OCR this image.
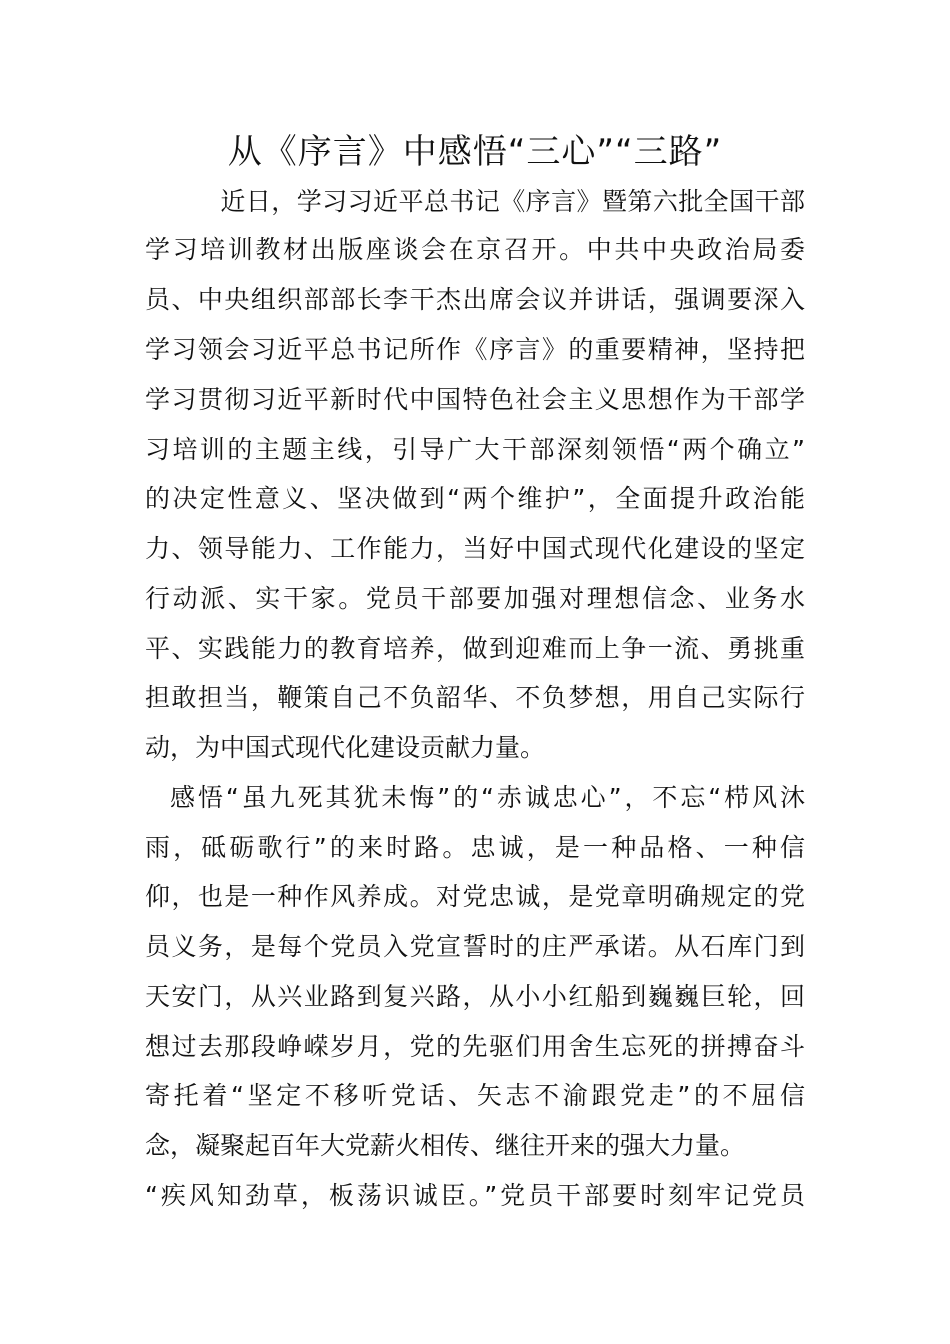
从《序言》中感悟“三心”“三路”
　近日，学习习近平总书记《序言》暨第六批全国干部
学习培训教材出版座谈会在京召开。中共中央政治局委
员、中央组织部部长李干杰出席会议并讲话，强调要深入
学习领会习近平总书记所作《序言》的重要精神，坚持把
学习贯彻习近平新时代中国特色社会主义思想作为干部学
习培训的主题主线，引导广大干部深刻领悟“两个确立”
的决定性意义、坚决做到“两个维护”，全面提升政治能
力、领导能力、工作能力，当好中国式现代化建设的坚定
行动派、实干家。党员干部要加强对理想信念、业务水
平、实践能力的教育培养，做到迎难而上争一流、勇挑重
担敢担当，鞭策自己不负韶华、不负梦想，用自己实际行
动，为中国式现代化建设贡献力量。
感悟“虽九死其犹未悔”的“赤诚忠心”，不忘“栉风沐
雨，砥砺歌行”的来时路。忠诚，是一种品格、一种信
仰，也是一种作风养成。对党忠诚，是党章明确规定的党
员义务，是每个党员入党宣誓时的庄严承诺。从石库门到
天安门，从兴业路到复兴路，从小小红船到巍巍巨轮，回
想过去那段峥嵘岁月，党的先驱们用舍生忘死的拼搏奋斗
寄托着“坚定不移听党话、矢志不渝跟党走”的不屈信
念，凝聚起百年大党薪火相传、继往开来的强大力量。
“疾风知劲草，板荡识诚臣。”党员干部要时刻牢记党员
